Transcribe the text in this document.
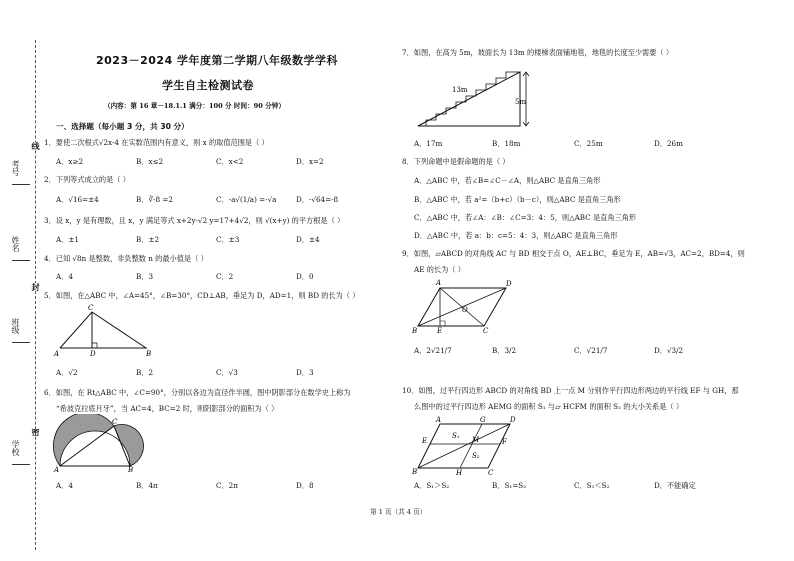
考号
姓名
班级
学校
线
封
密
2023－2024 学年度第二学期八年级数学学科
学生自主检测试卷
（内容：第 16 章－18.1.1 满分：100 分 时间：90 分钟）
一、选择题（每小题 3 分，共 30 分）
1．要使二次根式√2x-4 在实数范围内有意义，则 x 的取值范围是（ ）
A．x≥2	B．x≤2	C．x<2	D．x=2
2．下列等式成立的是（ ）
A．√16=±4	B．∛-8 =2	C．-a√(1/a) =-√a	D．-√64=-8
3．设 x，y 是有理数，且 x，y 满足等式 x+2y-√2 y=17+4√2，则 √(x+y) 的平方根是（ ）
A．±1	B．±2	C．±3	D．±4
4．已知 √8n 是整数，非负整数 n 的最小值是（ ）
A．4	B．3	C．2	D．0
5．如图，在△ABC 中，∠A=45°，∠B=30°，CD⊥AB，垂足为 D，AD=1，则 BD 的长为（ ）
A	B
C
D
A．√2	B．2	C．√3	D．3
6．如图，在 Rt△ABC 中，∠C=90°，分别以各边为直径作半圆，图中阴影部分在数学史上称为
“希波克拉底月牙”，当 AC=4，BC=2 时，则阴影部分的面积为（ ）
A	B
C
A．4	B．4π	C．2π	D．8
7．如图，在高为 5m，坡面长为 13m 的楼梯表面铺地毯，地毯的长度至少需要（ ）
13m
5m
A．17m	B．18m	C．25m	D．26m
8．下列命题中是假命题的是（ ）
A．△ABC 中，若∠B=∠C－∠A，则△ABC 是直角三角形
B．△ABC 中，若 a²=（b+c）（b－c），则△ABC 是直角三角形
C．△ABC 中，若∠A：∠B：∠C=3：4：5，则△ABC 是直角三角形
D．△ABC 中，若 a：b：c=5：4：3，则△ABC 是直角三角形
9．如图，▱ABCD 的对角线 AC 与 BD 相交于点 O，AE⊥BC，垂足为 E，AB=√3，AC=2，BD=4，则
AE 的长为（ ）
A	D
B	E	C
O
A．2√21/7	B．3/2	C．√21/7	D．√3/2
10．如图，过平行四边形 ABCD 的对角线 BD 上一点 M 分别作平行四边形两边的平行线 EF 与 GH，那
么图中的过平行四边形 AEMG 的面积 S₁ 与▱ HCFM 的面积 S₂ 的大小关系是（ ）
A	G	D
E	F
M
B	H	C
S₁
S₂
A．S₁＞S₂	B．S₁=S₂	C．S₁＜S₂	D．不能确定
第 1 页（共 4 页）
